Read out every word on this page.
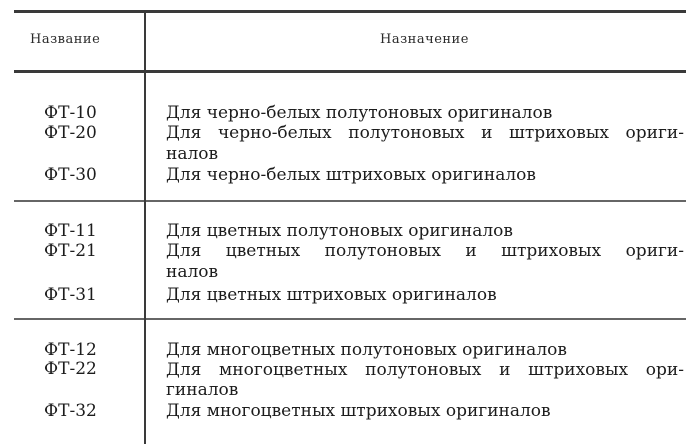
Название	Назначение
ФТ-10
ФТ-20
ФТ-30
Для черно-белых полутоновых оригиналов
Для черно-белых полутоновых и штриховых ориги-
налов
Для черно-белых штриховых оригиналов
ФТ-11
ФТ-21
ФТ-31
Для цветных полутоновых оригиналов
Для цветных полутоновых и штриховых ориги-
налов
Для цветных штриховых оригиналов
ФТ-12
ФТ-22
ФТ-32
Для многоцветных полутоновых оригиналов
Для многоцветных полутоновых и штриховых ори-
гиналов
Для многоцветных штриховых оригиналов
